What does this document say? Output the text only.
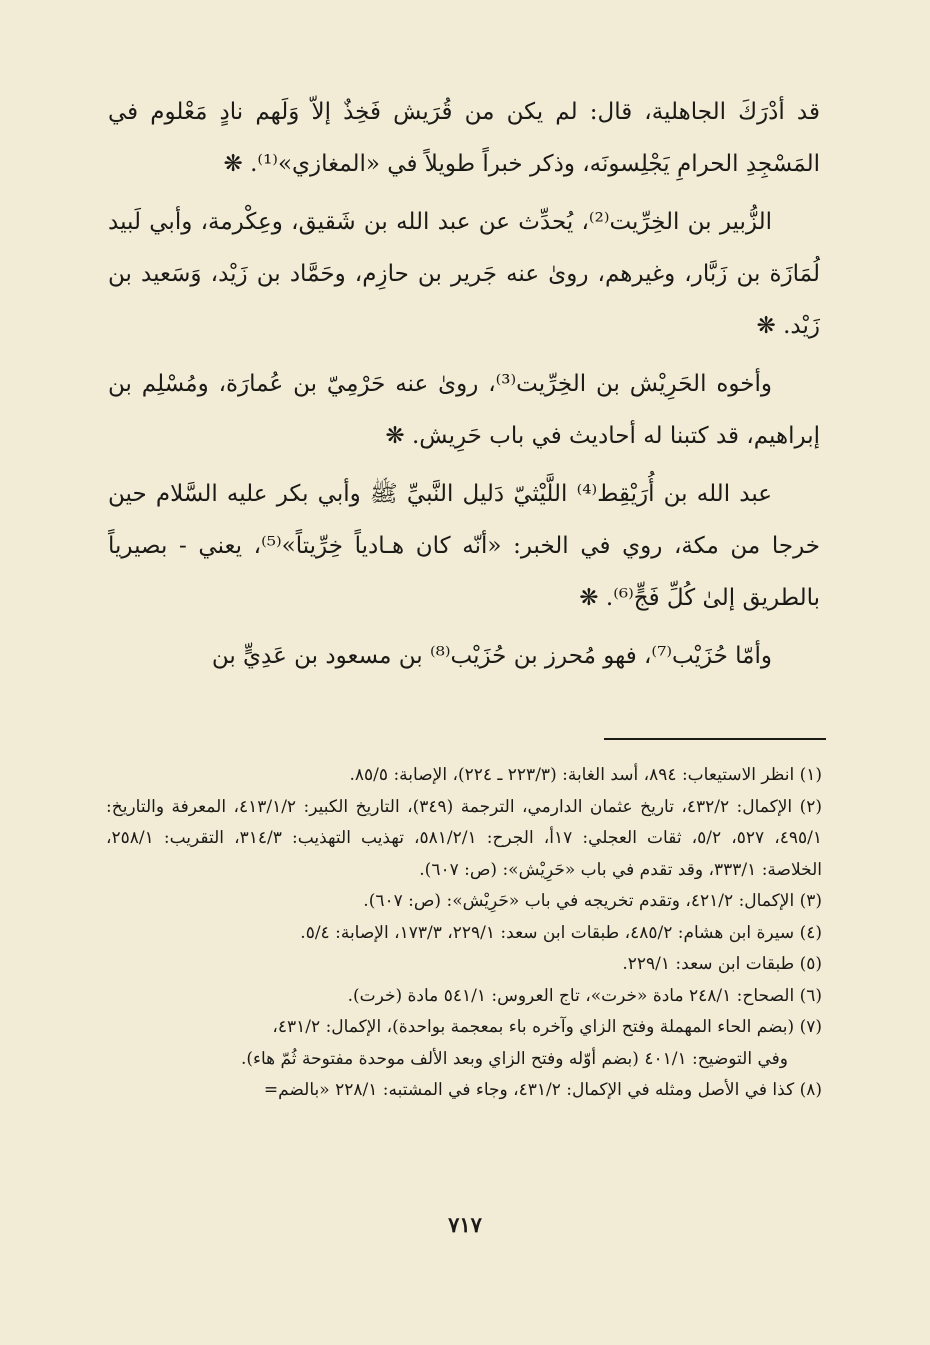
قد أدْرَكَ الجاهلية، قال: لم يكن من قُرَيش فَخِذٌ إلاّ وَلَهم نادٍ مَعْلوم في المَسْجِدِ الحرامِ يَجْلِسونَه، وذكر خبراً طويلاً في «المغازي»⁽¹⁾. ❋

الزُّبير بن الخِرِّيت⁽²⁾، يُحدِّث عن عبد الله بن شَقيق، وعِكْرمة، وأبي لَبيد لُمَازَة بن زَبَّار، وغيرهم، روىٰ عنه جَرير بن حازِم، وحَمَّاد بن زَيْد، وَسَعيد بن زَيْد. ❋

وأخوه الحَرِيْش بن الخِرِّيت⁽³⁾، روىٰ عنه حَرْمِيّ بن عُمارَة، ومُسْلِم بن إبراهيم، قد كتبنا له أحاديث في باب حَرِيش. ❋

عبد الله بن أُرَيْقِط⁽⁴⁾ اللَّيْثيّ دَليل النَّبيِّ ﷺ وأبي بكر عليه السَّلام حين خرجا من مكة، روي في الخبر: «أنّه كان هـادياً خِرِّيتاً»⁽⁵⁾، يعني - بصيرياً بالطريق إلىٰ كُلِّ فَجٍّ⁽⁶⁾. ❋

وأمّا حُزَيْب⁽⁷⁾، فهو مُحرز بن حُزَيْب⁽⁸⁾ بن مسعود بن عَدِيٍّ بن

(١) انظر الاستيعاب: ٨٩٤، أسد الغابة: (٢٢٣/٣ ـ ٢٢٤)، الإصابة: ٨٥/٥.

(٢) الإكمال: ٤٣٢/٢، تاريخ عثمان الدارمي، الترجمة (٣٤٩)، التاريخ الكبير: ٤١٣/١/٢، المعرفة والتاريخ: ٤٩٥/١، ٥٢٧، ٥/٢، ثقات العجلي: ١٧أ، الجرح: ٥٨١/٢/١، تهذيب التهذيب: ٣١٤/٣، التقريب: ٢٥٨/١، الخلاصة: ٣٣٣/١، وقد تقدم في باب «حَرِيْش»: (ص: ٦٠٧).

(٣) الإكمال: ٤٢١/٢، وتقدم تخريجه في باب «حَرِيْش»: (ص: ٦٠٧).

(٤) سيرة ابن هشام: ٤٨٥/٢، طبقات ابن سعد: ٢٢٩/١، ١٧٣/٣، الإصابة: ٥/٤.

(٥) طبقات ابن سعد: ٢٢٩/١.

(٦) الصحاح: ٢٤٨/١ مادة «خرت»، تاج العروس: ٥٤١/١ مادة (خرت).

(٧) (بضم الحاء المهملة وفتح الزاي وآخره باء بمعجمة بواحدة)، الإكمال: ٤٣١/٢،

وفي التوضيح: ٤٠١/١ (بضم أوّله وفتح الزاي وبعد الألف موحدة مفتوحة ثُمّ هاء).

(٨) كذا في الأصل ومثله في الإكمال: ٤٣١/٢، وجاء في المشتبه: ٢٢٨/١ «بالضم=

٧١٧
